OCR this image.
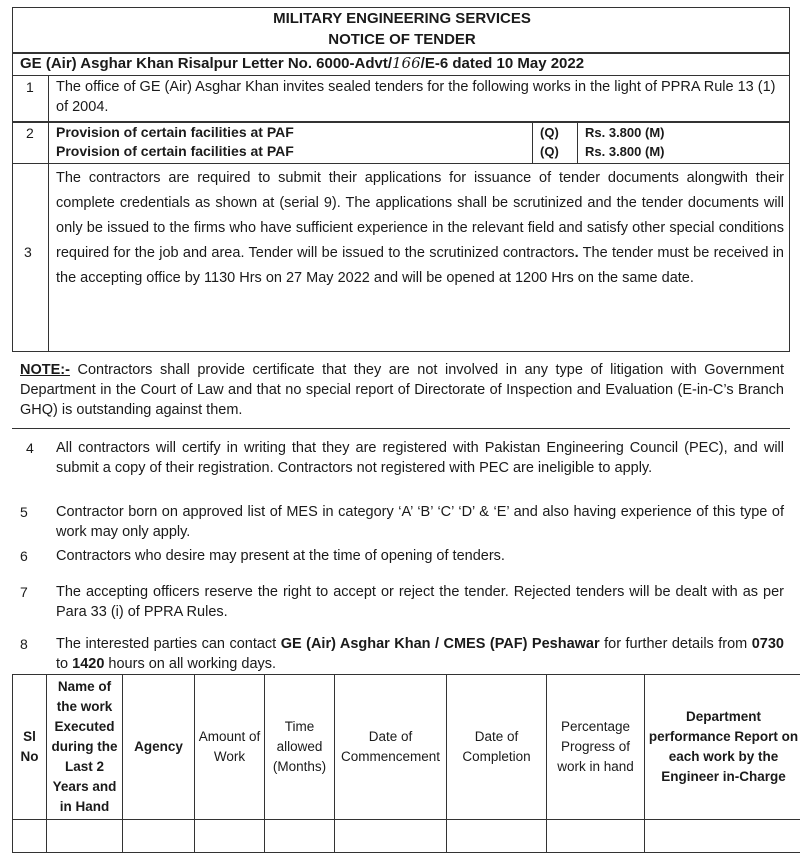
MILITARY ENGINEERING SERVICES
NOTICE OF TENDER
GE (Air) Asghar Khan Risalpur Letter No. 6000-Advt/166/E-6 dated 10 May 2022
1 The office of GE (Air) Asghar Khan invites sealed tenders for the following works in the light of PPRA Rule 13 (1) of 2004.
2 Provision of certain facilities at PAF	(Q) Rs. 3.800 (M)
Provision of certain facilities at PAF	(Q) Rs. 3.800 (M)
3
The contractors are required to submit their applications for issuance of tender documents alongwith their complete credentials as shown at (serial 9). The applications shall be scrutinized and the tender documents will only be issued to the firms who have sufficient experience in the relevant field and satisfy other special conditions required for the job and area. Tender will be issued to the scrutinized contractors. The tender must be received in the accepting office by 1130 Hrs on 27 May 2022 and will be opened at 1200 Hrs on the same date.
NOTE:- Contractors shall provide certificate that they are not involved in any type of litigation with Government Department in the Court of Law and that no special report of Directorate of Inspection and Evaluation (E-in-C’s Branch GHQ) is outstanding against them.
4 All contractors will certify in writing that they are registered with Pakistan Engineering Council (PEC), and will submit a copy of their registration. Contractors not registered with PEC are ineligible to apply.
5 Contractor born on approved list of MES in category ‘A’ ‘B’ ‘C’ ‘D’ & ‘E’ and also having experience of this type of work may only apply.
6 Contractors who desire may present at the time of opening of tenders.
7 The accepting officers reserve the right to accept or reject the tender. Rejected tenders will be dealt with as per Para 33 (i) of PPRA Rules.
8 The interested parties can contact GE (Air) Asghar Khan / CMES (PAF) Peshawar for further details from 0730 to 1420 hours on all working days.
Sl No	Name of the work Executed during the Last 2 Years and in Hand	Agency	Amount of Work	Time allowed (Months)	Date of Commencement	Date of Completion	Percentage Progress of work in hand	Department performance Report on each work by the Engineer in-Charge
